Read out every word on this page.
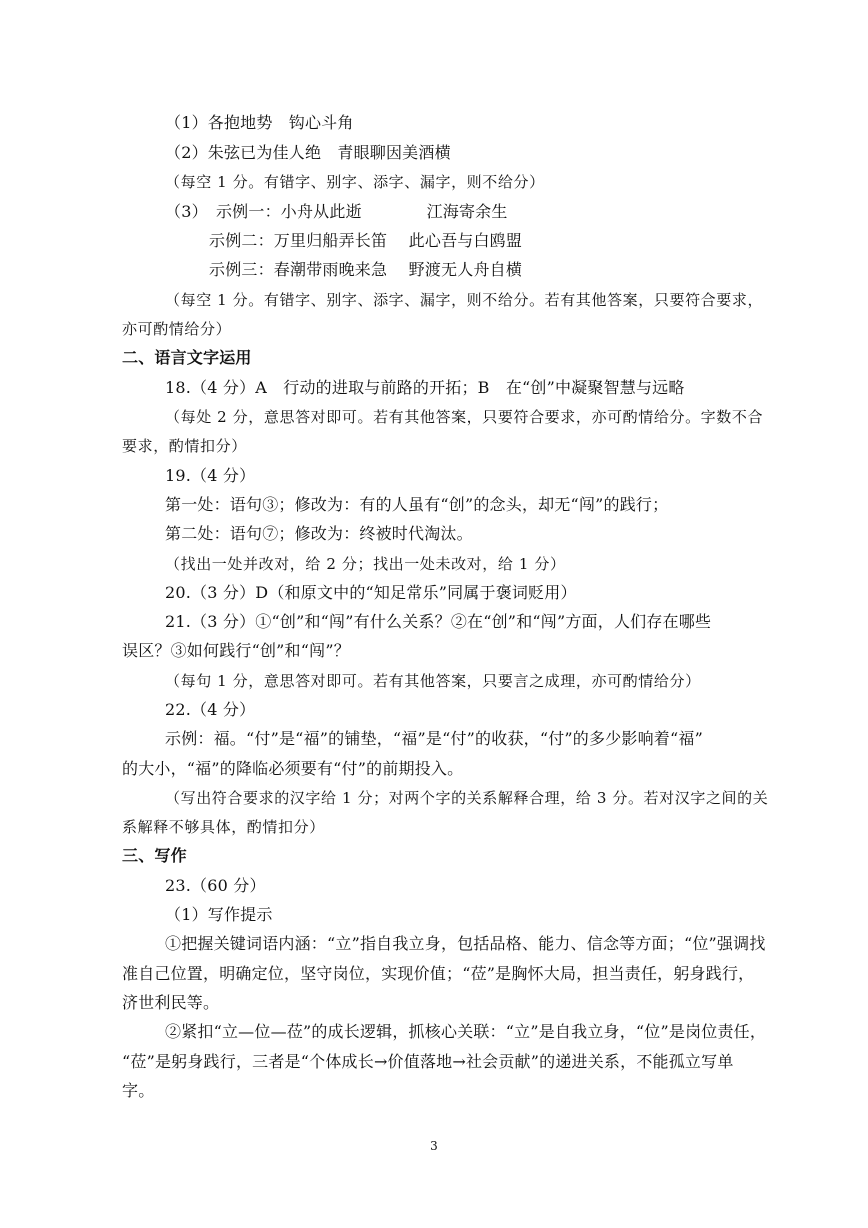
（1）各抱地势　钩心斗角
（2）朱弦已为佳人绝　青眼聊因美酒横
（每空 1 分。有错字、别字、添字、漏字，则不给分）
（3）　示例一：小舟从此逝　　　　江海寄余生
示例二：万里归船弄长笛　 此心吾与白鸥盟
示例三：春潮带雨晚来急　 野渡无人舟自横
（每空 1 分。有错字、别字、添字、漏字，则不给分。若有其他答案，只要符合要求，
亦可酌情给分）
二、语言文字运用
18.（4 分）A　行动的进取与前路的开拓；B　在“创”中凝聚智慧与远略
（每处 2 分，意思答对即可。若有其他答案，只要符合要求，亦可酌情给分。字数不合
要求，酌情扣分）
19.（4 分）
第一处：语句③；修改为：有的人虽有“创”的念头，却无“闯”的践行；
第二处：语句⑦；修改为：终被时代淘汰。
（找出一处并改对，给 2 分；找出一处未改对，给 1 分）
20.（3 分）D（和原文中的“知足常乐”同属于褒词贬用）
21.（3 分）①“创”和“闯”有什么关系？②在“创”和“闯”方面，人们存在哪些
误区？③如何践行“创”和“闯”？
（每句 1 分，意思答对即可。若有其他答案，只要言之成理，亦可酌情给分）
22.（4 分）
示例：福。“付”是“福”的铺垫，“福”是“付”的收获，“付”的多少影响着“福”
的大小，“福”的降临必须要有“付”的前期投入。
（写出符合要求的汉字给 1 分；对两个字的关系解释合理，给 3 分。若对汉字之间的关
系解释不够具体，酌情扣分）
三、写作
23.（60 分）
（1）写作提示
①把握关键词语内涵：“立”指自我立身，包括品格、能力、信念等方面；“位”强调找
准自己位置，明确定位，坚守岗位，实现价值；“莅”是胸怀大局，担当责任，躬身践行，
济世利民等。
②紧扣“立—位—莅”的成长逻辑，抓核心关联：“立”是自我立身，“位”是岗位责任，
“莅”是躬身践行，三者是“个体成长→价值落地→社会贡献”的递进关系，不能孤立写单
字。
3
